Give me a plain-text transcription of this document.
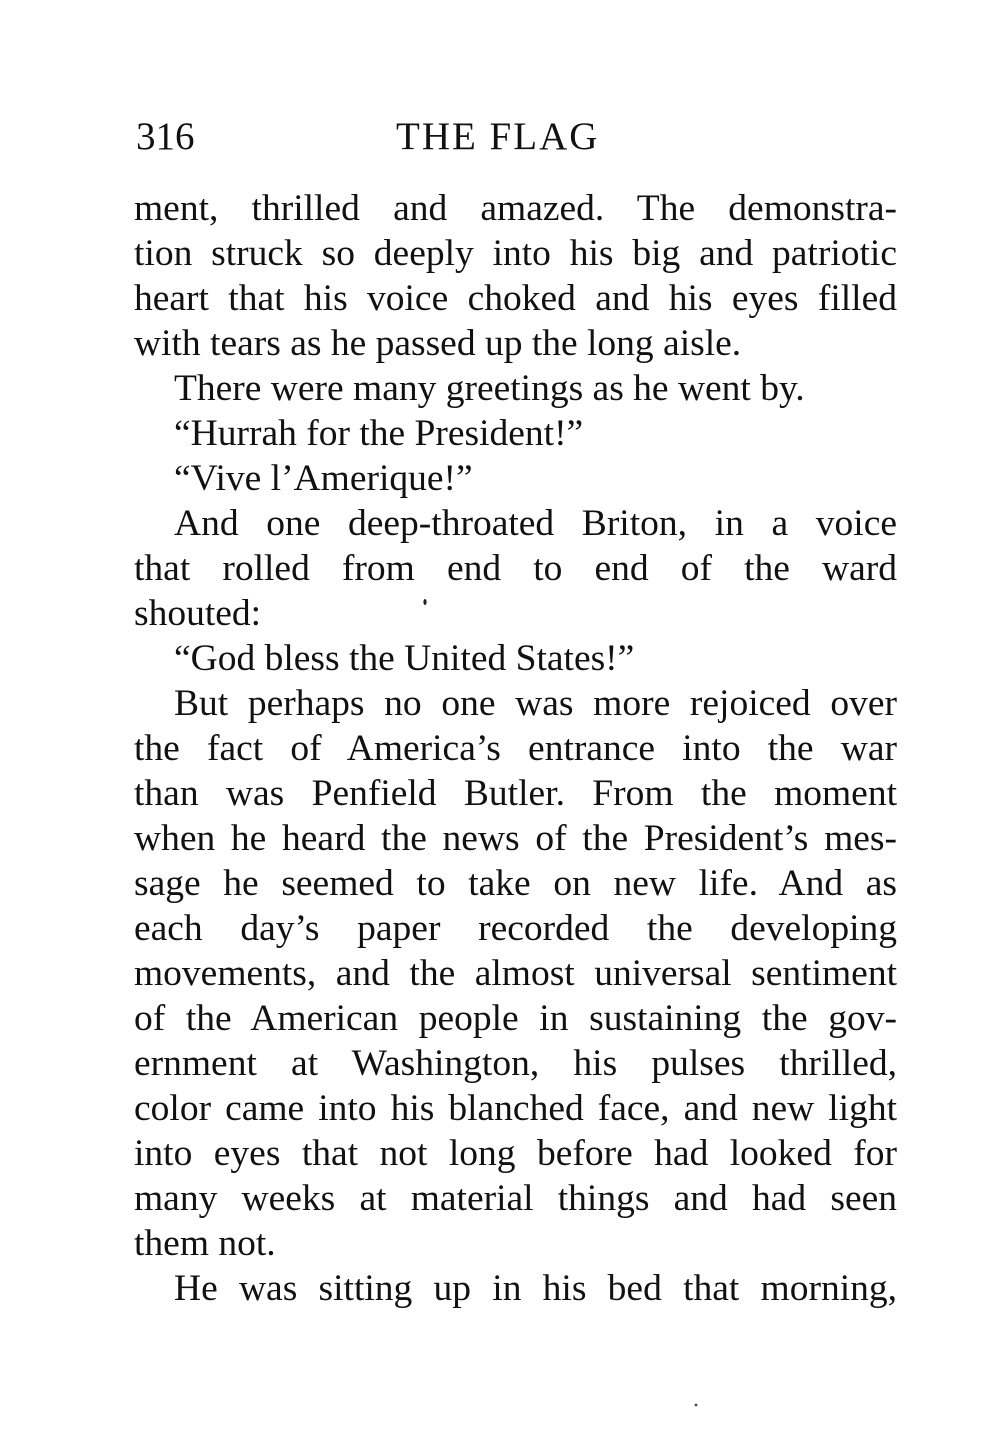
316	THE FLAG
ment, thrilled and amazed. The demonstra-
tion struck so deeply into his big and patriotic
heart that his voice choked and his eyes filled
with tears as he passed up the long aisle.
There were many greetings as he went by.
“Hurrah for the President!”
“Vive l’Amerique!”
And one deep-throated Briton, in a voice
that rolled from end to end of the ward
shouted:
“God bless the United States!”
But perhaps no one was more rejoiced over
the fact of America’s entrance into the war
than was Penfield Butler. From the moment
when he heard the news of the President’s mes-
sage he seemed to take on new life. And as
each day’s paper recorded the developing
movements, and the almost universal sentiment
of the American people in sustaining the gov-
ernment at Washington, his pulses thrilled,
color came into his blanched face, and new light
into eyes that not long before had looked for
many weeks at material things and had seen
them not.
He was sitting up in his bed that morning,
